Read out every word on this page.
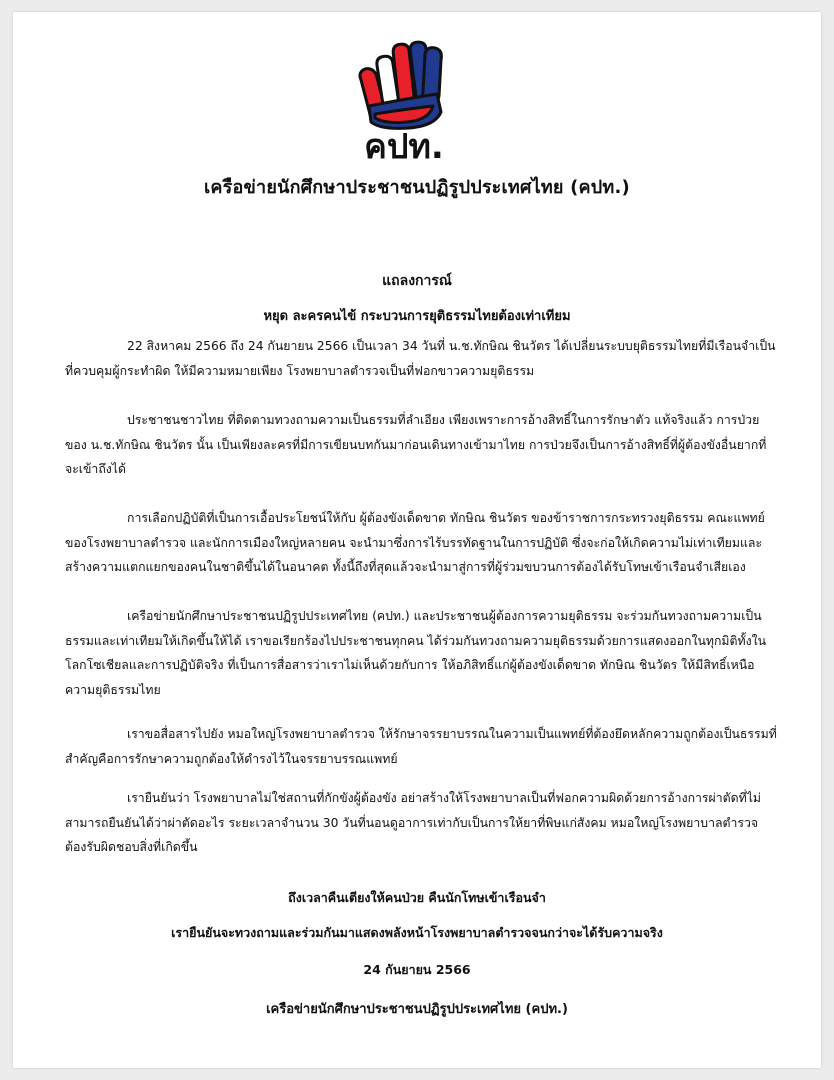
คปท.
เครือข่ายนักศึกษาประชาชนปฏิรูปประเทศไทย (คปท.)
แถลงการณ์
หยุด ละครคนไข้ กระบวนการยุติธรรมไทยต้องเท่าเทียม

22 สิงหาคม 2566 ถึง 24 กันยายน 2566 เป็นเวลา 34 วันที่ น.ช.ทักษิณ ชินวัตร ได้เปลี่ยนระบบยุติธรรมไทยที่มีเรือนจำเป็นที่ควบคุมผู้กระทำผิด ให้มีความหมายเพียง โรงพยาบาลตำรวจเป็นที่ฟอกขาวความยุติธรรม

ประชาชนชาวไทย ที่ติดตามทวงถามความเป็นธรรมที่ลำเอียง เพียงเพราะการอ้างสิทธิ์ในการรักษาตัว แท้จริงแล้ว การป่วยของ น.ช.ทักษิณ ชินวัตร นั้น เป็นเพียงละครที่มีการเขียนบทกันมาก่อนเดินทางเข้ามาไทย การป่วยจึงเป็นการอ้างสิทธิ์ที่ผู้ต้องขังอื่นยากที่จะเข้าถึงได้

การเลือกปฏิบัติที่เป็นการเอื้อประโยชน์ให้กับ ผู้ต้องขังเด็ดขาด ทักษิณ ชินวัตร ของข้าราชการกระทรวงยุติธรรม คณะแพทย์ของโรงพยาบาลตำรวจ และนักการเมืองใหญ่หลายคน จะนำมาซึ่งการไร้บรรทัดฐานในการปฏิบัติ ซึ่งจะก่อให้เกิดความไม่เท่าเทียมและสร้างความแตกแยกของคนในชาติขึ้นได้ในอนาคต ทั้งนี้ถึงที่สุดแล้วจะนำมาสู่การที่ผู้ร่วมขบวนการต้องได้รับโทษเข้าเรือนจำเสียเอง

เครือข่ายนักศึกษาประชาชนปฏิรูปประเทศไทย (คปท.) และประชาชนผู้ต้องการความยุติธรรม จะร่วมกันทวงถามความเป็นธรรมและเท่าเทียมให้เกิดขึ้นให้ได้ เราขอเรียกร้องไปประชาชนทุกคน ได้ร่วมกันทวงถามความยุติธรรมด้วยการแสดงออกในทุกมิติทั้งในโลกโซเชียลและการปฏิบัติจริง ที่เป็นการสื่อสารว่าเราไม่เห็นด้วยกับการ ให้อภิสิทธิ์แก่ผู้ต้องขังเด็ดขาด ทักษิณ ชินวัตร ให้มีสิทธิ์เหนือความยุติธรรมไทย

เราขอสื่อสารไปยัง หมอใหญ่โรงพยาบาลตำรวจ ให้รักษาจรรยาบรรณในความเป็นแพทย์ที่ต้องยึดหลักความถูกต้องเป็นธรรมที่สำคัญคือการรักษาความถูกต้องให้ดำรงไว้ในจรรยาบรรณแพทย์

เรายืนยันว่า โรงพยาบาลไม่ใช่สถานที่กักขังผู้ต้องขัง อย่าสร้างให้โรงพยาบาลเป็นที่ฟอกความผิดด้วยการอ้างการผ่าตัดที่ไม่สามารถยืนยันได้ว่าผ่าตัดอะไร ระยะเวลาจำนวน 30 วันที่นอนดูอาการเท่ากับเป็นการให้ยาที่พิษแก่สังคม หมอใหญ่โรงพยาบาลตำรวจต้องรับผิดชอบสิ่งที่เกิดขึ้น

ถึงเวลาคืนเตียงให้คนป่วย คืนนักโทษเข้าเรือนจำ
เรายืนยันจะทวงถามและร่วมกันมาแสดงพลังหน้าโรงพยาบาลตำรวจจนกว่าจะได้รับความจริง
24 กันยายน 2566
เครือข่ายนักศึกษาประชาชนปฏิรูปประเทศไทย (คปท.)
